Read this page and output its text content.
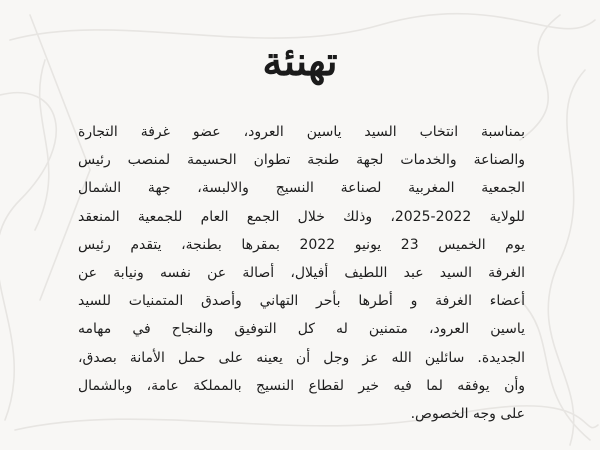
تهنئة
بمناسبة انتخاب السيد ياسين العرود، عضو غرفة التجارة
والصناعة والخدمات لجهة طنجة تطوان الحسيمة لمنصب رئيس
الجمعية المغربية لصناعة النسيج والالبسة، جهة الشمال
للولاية 2022-2025، وذلك خلال الجمع العام للجمعية المنعقد
يوم الخميس 23 يونيو 2022 بمقرها بطنجة، يتقدم رئيس
الغرفة السيد عبد اللطيف أفيلال، أصالة عن نفسه ونيابة عن
أعضاء الغرفة و أطرها بأحر التهاني وأصدق المتمنيات للسيد
ياسين العرود، متمنين له كل التوفيق والنجاح في مهامه
الجديدة. سائلين الله عز وجل أن يعينه على حمل الأمانة بصدق،
وأن يوفقه لما فيه خير لقطاع النسيج بالمملكة عامة، وبالشمال
على وجه الخصوص.
